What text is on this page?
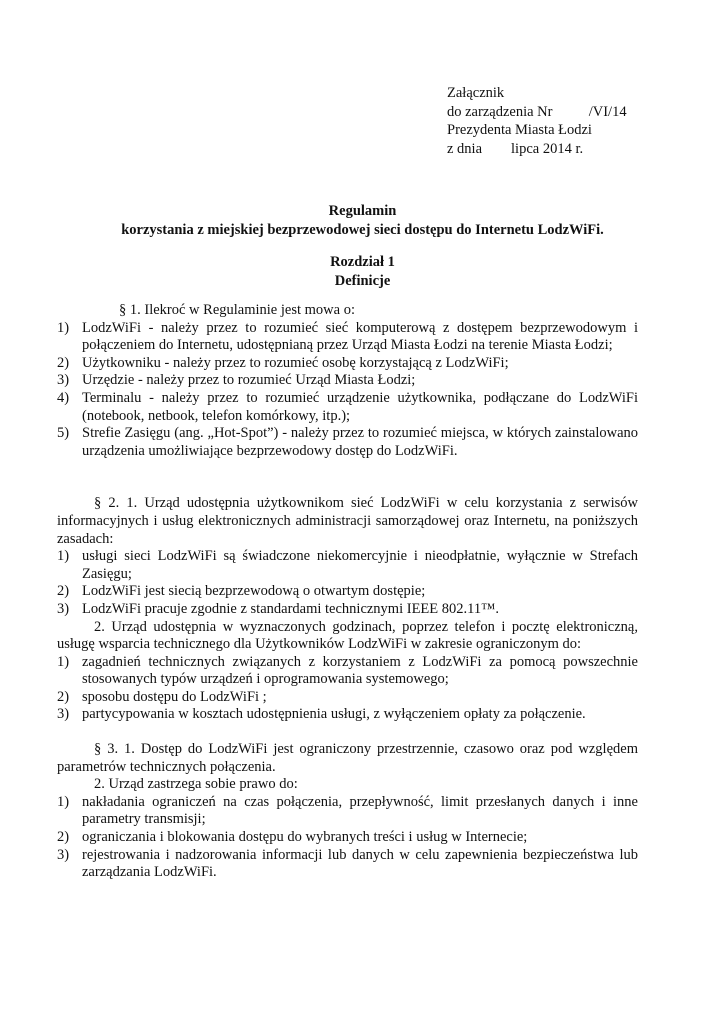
Załącznik
do zarządzenia Nr          /VI/14
Prezydenta Miasta Łodzi
z dnia        lipca 2014 r.
Regulamin
korzystania z miejskiej bezprzewodowej sieci dostępu do Internetu LodzWiFi.
Rozdział 1
Definicje

§ 1. Ilekroć w Regulaminie jest mowa o:

1) LodzWiFi - należy przez to rozumieć sieć komputerową z dostępem bezprzewodowym i połączeniem do Internetu, udostępnianą przez Urząd Miasta Łodzi na terenie Miasta Łodzi;
2) Użytkowniku - należy przez to rozumieć osobę korzystającą z LodzWiFi;
3) Urzędzie - należy przez to rozumieć Urząd Miasta Łodzi;
4) Terminalu - należy przez to rozumieć urządzenie użytkownika, podłączane do LodzWiFi (notebook, netbook, telefon komórkowy, itp.);
5) Strefie Zasięgu (ang. „Hot-Spot”) - należy przez to rozumieć miejsca, w których zainstalowano urządzenia umożliwiające bezprzewodowy dostęp do LodzWiFi.

§ 2. 1. Urząd udostępnia użytkownikom sieć LodzWiFi w celu korzystania z serwisów informacyjnych i usług elektronicznych administracji samorządowej oraz Internetu, na poniższych zasadach:

1) usługi sieci LodzWiFi są świadczone niekomercyjnie i nieodpłatnie, wyłącznie w Strefach Zasięgu;
2) LodzWiFi jest siecią bezprzewodową o otwartym dostępie;
3) LodzWiFi pracuje zgodnie z standardami technicznymi IEEE 802.11™.

2. Urząd udostępnia w wyznaczonych godzinach, poprzez telefon i pocztę elektroniczną, usługę wsparcia technicznego dla Użytkowników LodzWiFi w zakresie ograniczonym do:

1) zagadnień technicznych związanych z korzystaniem z LodzWiFi za pomocą powszechnie stosowanych typów urządzeń i oprogramowania systemowego;
2) sposobu dostępu do LodzWiFi ;
3) partycypowania w kosztach udostępnienia usługi, z wyłączeniem opłaty za połączenie.

§ 3. 1. Dostęp do LodzWiFi jest ograniczony przestrzennie, czasowo oraz pod względem parametrów technicznych połączenia.

2. Urząd zastrzega sobie prawo do:

1) nakładania ograniczeń na czas połączenia, przepływność, limit przesłanych danych i inne parametry transmisji;
2) ograniczania i blokowania dostępu do wybranych treści i usług w Internecie;
3) rejestrowania i nadzorowania informacji lub danych w celu zapewnienia bezpieczeństwa lub zarządzania LodzWiFi.
